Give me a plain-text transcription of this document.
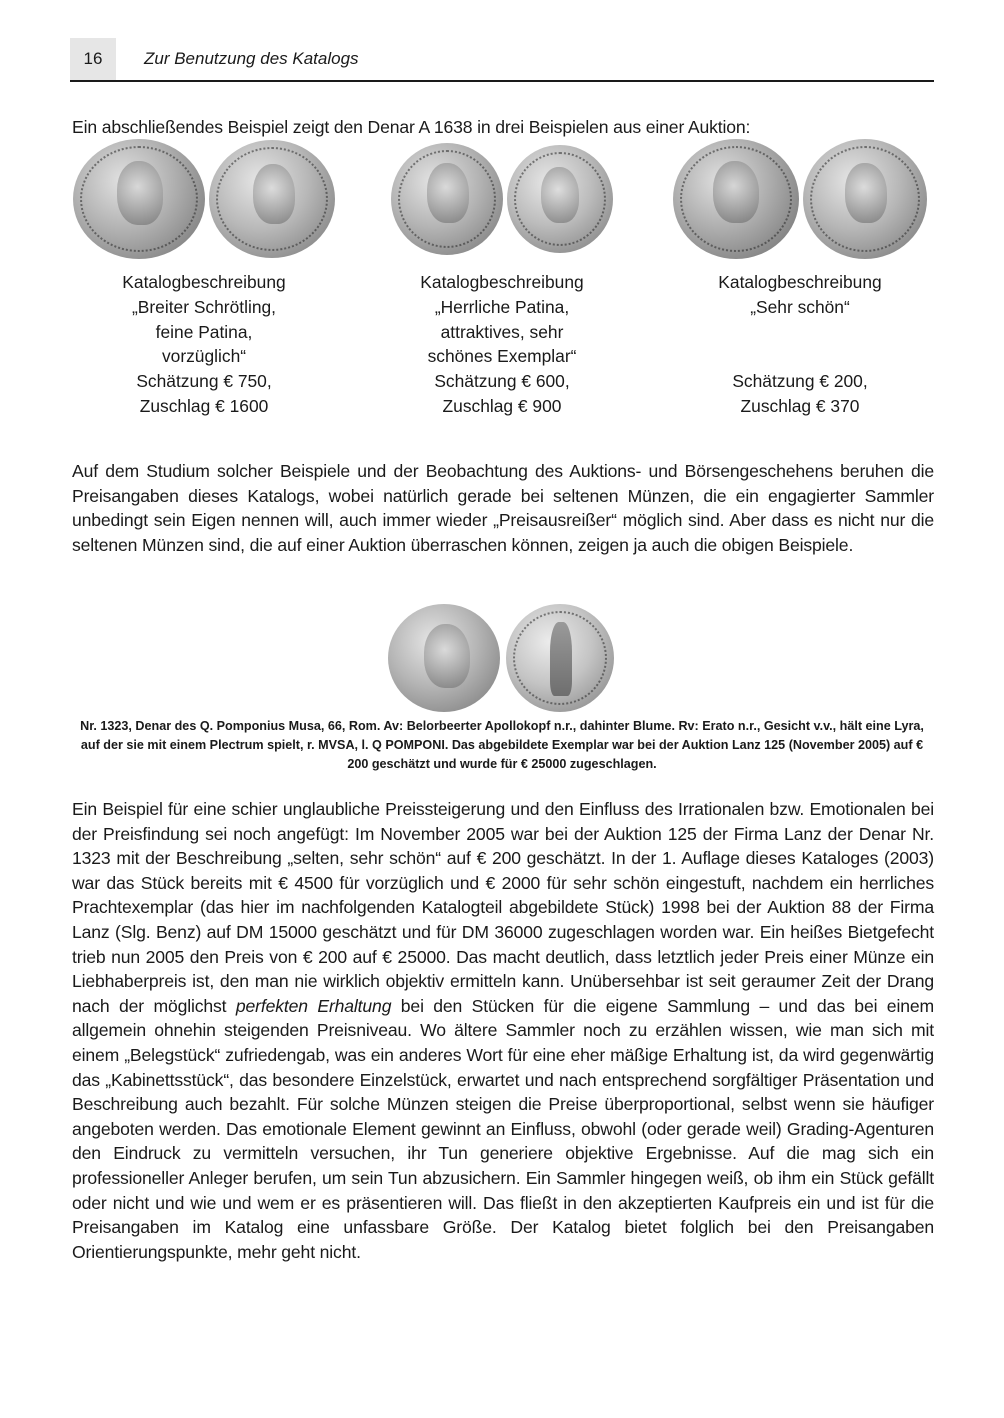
16	Zur Benutzung des Katalogs

Ein abschließendes Beispiel zeigt den Denar A 1638 in drei Beispielen aus einer Auktion:

Katalogbeschreibung
„Breiter Schrötling,
feine Patina,
vorzüglich“
Schätzung € 750,
Zuschlag € 1600
Katalogbeschreibung
„Herrliche Patina,
attraktives, sehr
schönes Exemplar“
Schätzung € 600,
Zuschlag € 900
Katalogbeschreibung
„Sehr schön“
Schätzung € 200,
Zuschlag € 370

Auf dem Studium solcher Beispiele und der Beobachtung des Auktions- und Börsengeschehens beruhen die Preisangaben dieses Katalogs, wobei natürlich gerade bei seltenen Münzen, die ein engagierter Sammler unbedingt sein Eigen nennen will, auch immer wieder „Preisausreißer“ möglich sind. Aber dass es nicht nur die seltenen Münzen sind, die auf einer Auktion überraschen können, zeigen ja auch die obigen Beispiele.

Nr. 1323, Denar des Q. Pomponius Musa, 66, Rom. Av: Belorbeerter Apollokopf n.r., dahinter Blume. Rv: Erato n.r., Gesicht v.v., hält eine Lyra, auf der sie mit einem Plectrum spielt, r. MVSA, l. Q POMPONI. Das abgebildete Exemplar war bei der Auktion Lanz 125 (November 2005) auf € 200 geschätzt und wurde für € 25000 zugeschlagen.

Ein Beispiel für eine schier unglaubliche Preissteigerung und den Einfluss des Irrationalen bzw. Emotionalen bei der Preisfindung sei noch angefügt: Im November 2005 war bei der Auktion 125 der Firma Lanz der Denar Nr. 1323 mit der Beschreibung „selten, sehr schön“ auf € 200 geschätzt. In der 1. Auflage dieses Kataloges (2003) war das Stück bereits mit € 4500 für vorzüglich und € 2000 für sehr schön eingestuft, nachdem ein herrliches Prachtexemplar (das hier im nachfolgenden Katalogteil abgebildete Stück) 1998 bei der Auktion 88 der Firma Lanz (Slg. Benz) auf DM 15000 geschätzt und für DM 36000 zugeschlagen worden war. Ein heißes Bietgefecht trieb nun 2005 den Preis von € 200 auf € 25000. Das macht deutlich, dass letztlich jeder Preis einer Münze ein Liebhaberpreis ist, den man nie wirklich objektiv ermitteln kann. Unübersehbar ist seit geraumer Zeit der Drang nach der möglichst perfekten Erhaltung bei den Stücken für die eigene Sammlung – und das bei einem allgemein ohnehin steigenden Preisniveau. Wo ältere Sammler noch zu erzählen wissen, wie man sich mit einem „Belegstück“ zufriedengab, was ein anderes Wort für eine eher mäßige Erhaltung ist, da wird gegenwärtig das „Kabinettsstück“, das besondere Einzelstück, erwartet und nach entsprechend sorgfältiger Präsentation und Beschreibung auch bezahlt. Für solche Münzen steigen die Preise überproportional, selbst wenn sie häufiger angeboten werden. Das emotionale Element gewinnt an Einfluss, obwohl (oder gerade weil) Grading-Agenturen den Eindruck zu vermitteln versuchen, ihr Tun generiere objektive Ergebnisse. Auf die mag sich ein professioneller Anleger berufen, um sein Tun abzusichern. Ein Sammler hingegen weiß, ob ihm ein Stück gefällt oder nicht und wie und wem er es präsentieren will. Das fließt in den akzeptierten Kaufpreis ein und ist für die Preisangaben im Katalog eine unfassbare Größe. Der Katalog bietet folglich bei den Preisangaben Orientierungspunkte, mehr geht nicht.
